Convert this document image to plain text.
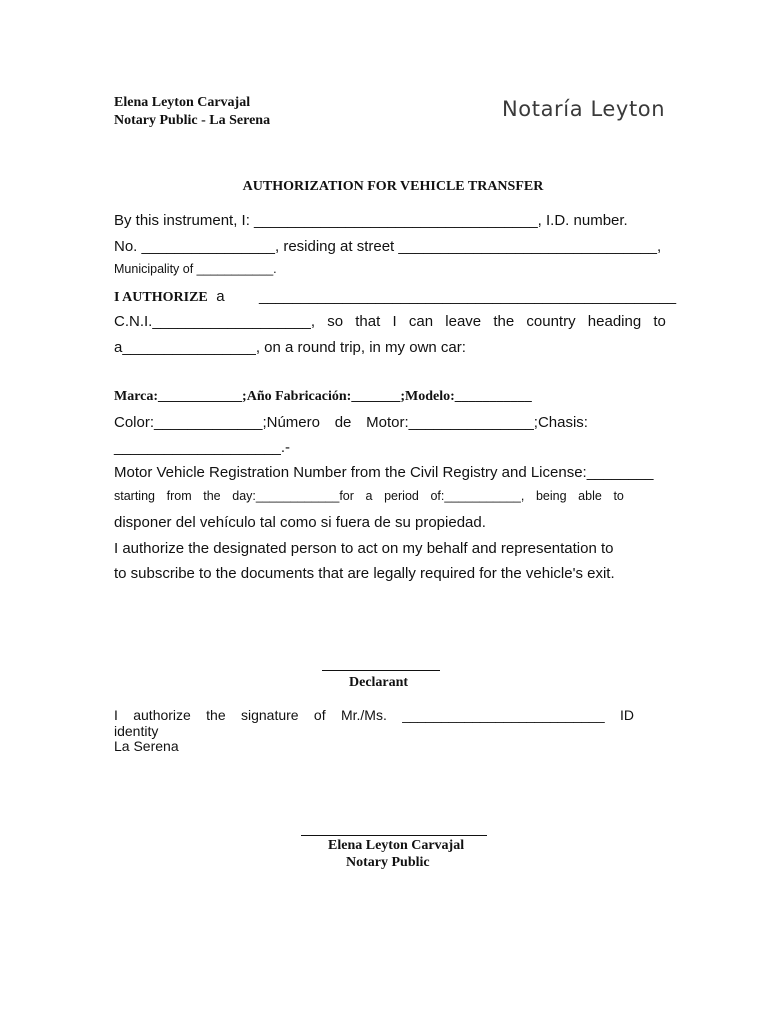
Elena Leyton Carvajal
Notary Public - La Serena	Notaría Leyton
AUTHORIZATION FOR VEHICLE TRANSFER
By this instrument, I: __________________________________, I.D. number.
No. ________________, residing at street _______________________________,
Municipality of ___________.
I AUTHORIZE a __________________________________________________
C.N.I.___________________, so that I can leave the country heading to
a________________, on a round trip, in my own car:
Marca:____________;Año Fabricación:_______;Modelo:___________
Color:_____________;Número de Motor:_______________;Chasis:
____________________.-
Motor Vehicle Registration Number from the Civil Registry and License:________
starting from the day:____________for a period of:___________, being able to
disponer del vehículo tal como si fuera de su propiedad.
I authorize the designated person to act on my behalf and representation to
to subscribe to the documents that are legally required for the vehicle's exit.
Declarant
I authorize the signature of Mr./Ms. __________________________ ID
identity
La Serena
Elena Leyton Carvajal
Notary Public
